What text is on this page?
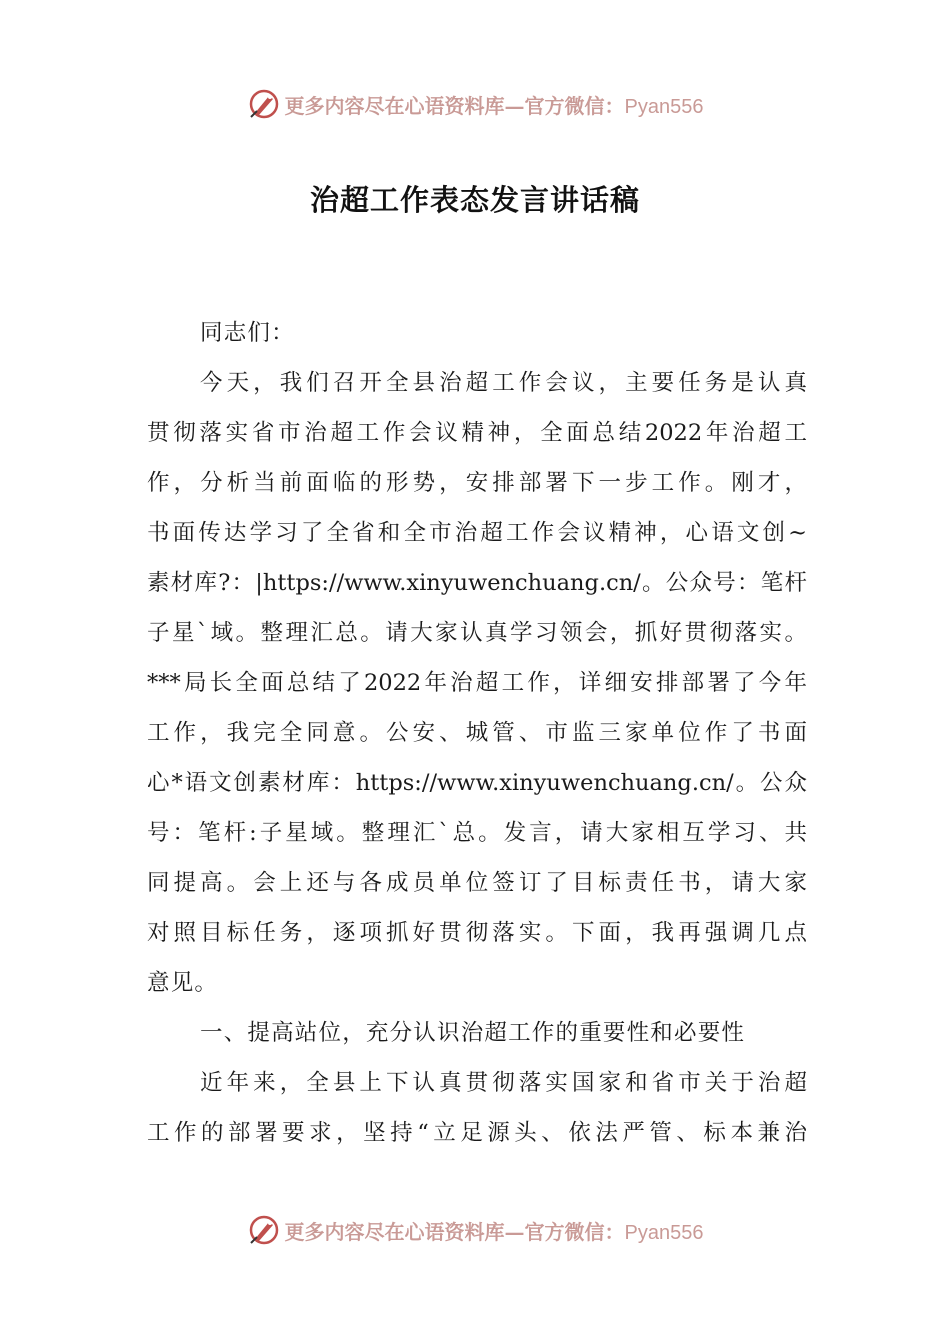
更多内容尽在心语资料库—官方微信：Pyan556
治超工作表态发言讲话稿
同志们：
今天，我们召开全县治超工作会议，主要任务是认真
贯彻落实省市治超工作会议精神，全面总结2022年治超工
作，分析当前面临的形势，安排部署下一步工作。刚才，
书面传达学习了全省和全市治超工作会议精神，心语文创~
素材库?：|https://www.xinyuwenchuang.cn/。公众号：笔杆
子星`域。整理汇总。请大家认真学习领会，抓好贯彻落实。
***局长全面总结了2022年治超工作，详细安排部署了今年
工作，我完全同意。公安、城管、市监三家单位作了书面
心*语文创素材库：https://www.xinyuwenchuang.cn/。公众
号：笔杆:子星域。整理汇`总。发言，请大家相互学习、共
同提高。会上还与各成员单位签订了目标责任书，请大家
对照目标任务，逐项抓好贯彻落实。下面，我再强调几点
意见。
一、提高站位，充分认识治超工作的重要性和必要性
近年来，全县上下认真贯彻落实国家和省市关于治超
工作的部署要求，坚持“立足源头、依法严管、标本兼治
更多内容尽在心语资料库—官方微信：Pyan556
